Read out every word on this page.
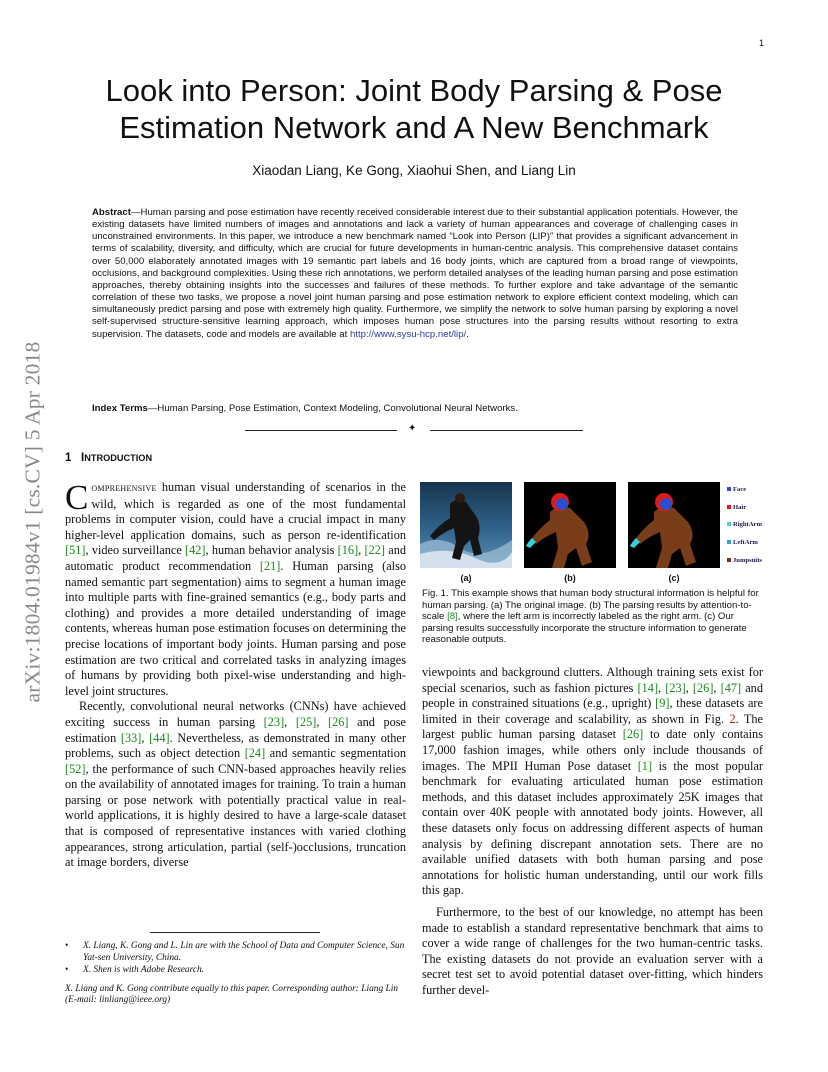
1
arXiv:1804.01984v1 [cs.CV] 5 Apr 2018
Look into Person: Joint Body Parsing & Pose
Estimation Network and A New Benchmark
Xiaodan Liang, Ke Gong, Xiaohui Shen, and Liang Lin
Abstract—Human parsing and pose estimation have recently received considerable interest due to their substantial application potentials. However, the existing datasets have limited numbers of images and annotations and lack a variety of human appearances and coverage of challenging cases in unconstrained environments. In this paper, we introduce a new benchmark named “Look into Person (LIP)” that provides a significant advancement in terms of scalability, diversity, and difficulty, which are crucial for future developments in human-centric analysis. This comprehensive dataset contains over 50,000 elaborately annotated images with 19 semantic part labels and 16 body joints, which are captured from a broad range of viewpoints, occlusions, and background complexities. Using these rich annotations, we perform detailed analyses of the leading human parsing and pose estimation approaches, thereby obtaining insights into the successes and failures of these methods. To further explore and take advantage of the semantic correlation of these two tasks, we propose a novel joint human parsing and pose estimation network to explore efficient context modeling, which can simultaneously predict parsing and pose with extremely high quality. Furthermore, we simplify the network to solve human parsing by exploring a novel self-supervised structure-sensitive learning approach, which imposes human pose structures into the parsing results without resorting to extra supervision. The datasets, code and models are available at http://www.sysu-hcp.net/lip/.
Index Terms—Human Parsing, Pose Estimation, Context Modeling, Convolutional Neural Networks.
✦
1 INTRODUCTION

Comprehensive human visual understanding of scenarios in the wild, which is regarded as one of the most fundamental problems in computer vision, could have a crucial impact in many higher-level application domains, such as person re-identification [51], video surveillance [42], human behavior analysis [16], [22] and automatic product recommendation [21]. Human parsing (also named semantic part segmentation) aims to segment a human image into multiple parts with fine-grained semantics (e.g., body parts and clothing) and provides a more detailed understanding of image contents, whereas human pose estimation focuses on determining the precise locations of important body joints. Human parsing and pose estimation are two critical and correlated tasks in analyzing images of humans by providing both pixel-wise understanding and high-level joint structures.

Recently, convolutional neural networks (CNNs) have achieved exciting success in human parsing [23], [25], [26] and pose estimation [33], [44]. Nevertheless, as demonstrated in many other problems, such as object detection [24] and semantic segmentation [52], the performance of such CNN-based approaches heavily relies on the availability of annotated images for training. To train a human parsing or pose network with potentially practical value in real-world applications, it is highly desired to have a large-scale dataset that is composed of representative instances with varied clothing appearances, strong articulation, partial (self-)occlusions, truncation at image borders, diverse

• X. Liang, K. Gong and L. Lin are with the School of Data and Computer Science, Sun Yat-sen University, China.
• X. Shen is with Adobe Research.
X. Liang and K. Gong contribute equally to this paper. Corresponding author: Liang Lin (E-mail: linliang@ieee.org)
(a)	(b)	(c)
Face
Hair
RightArm
LeftArm
Jumpsuits
Fig. 1. This example shows that human body structural information is helpful for human parsing. (a) The original image. (b) The parsing results by attention-to-scale [8], where the left arm is incorrectly labeled as the right arm. (c) Our parsing results successfully incorporate the structure information to generate reasonable outputs.

viewpoints and background clutters. Although training sets exist for special scenarios, such as fashion pictures [14], [23], [26], [47] and people in constrained situations (e.g., upright) [9], these datasets are limited in their coverage and scalability, as shown in Fig. 2. The largest public human parsing dataset [26] to date only contains 17,000 fashion images, while others only include thousands of images. The MPII Human Pose dataset [1] is the most popular benchmark for evaluating articulated human pose estimation methods, and this dataset includes approximately 25K images that contain over 40K people with annotated body joints. However, all these datasets only focus on addressing different aspects of human analysis by defining discrepant annotation sets. There are no available unified datasets with both human parsing and pose annotations for holistic human understanding, until our work fills this gap.

Furthermore, to the best of our knowledge, no attempt has been made to establish a standard representative benchmark that aims to cover a wide range of challenges for the two human-centric tasks. The existing datasets do not provide an evaluation server with a secret test set to avoid potential dataset over-fitting, which hinders further devel-
